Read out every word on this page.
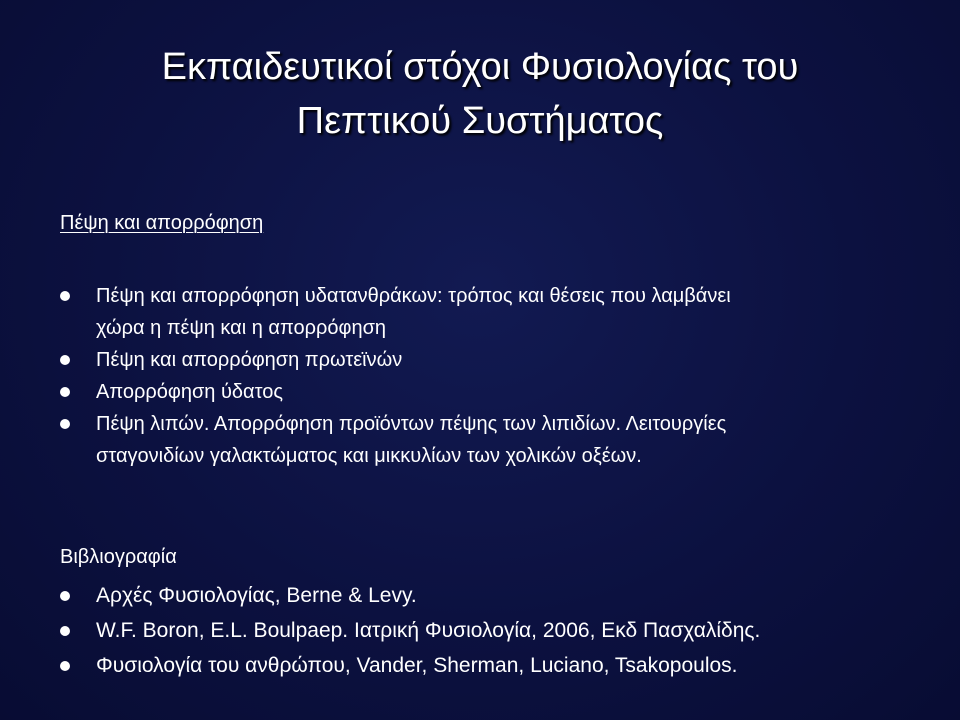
Εκπαιδευτικοί στόχοι Φυσιολογίας του
Πεπτικού Συστήματος
Πέψη και απορρόφηση
Πέψη και απορρόφηση υδατανθράκων: τρόπος και θέσεις που λαμβάνει
χώρα η πέψη και η απορρόφηση
Πέψη και απορρόφηση πρωτεϊνών
Απορρόφηση ύδατος
Πέψη λιπών. Απορρόφηση προϊόντων πέψης των λιπιδίων. Λειτουργίες
σταγονιδίων γαλακτώματος και μικκυλίων των χολικών οξέων.
Βιβλιογραφία
Αρχές Φυσιολογίας, Berne & Levy.
W.F. Boron, E.L. Boulpaep. Ιατρική Φυσιολογία, 2006, Εκδ Πασχαλίδης.
Φυσιολογία του ανθρώπου, Vander, Sherman, Luciano, Tsakopoulos.
